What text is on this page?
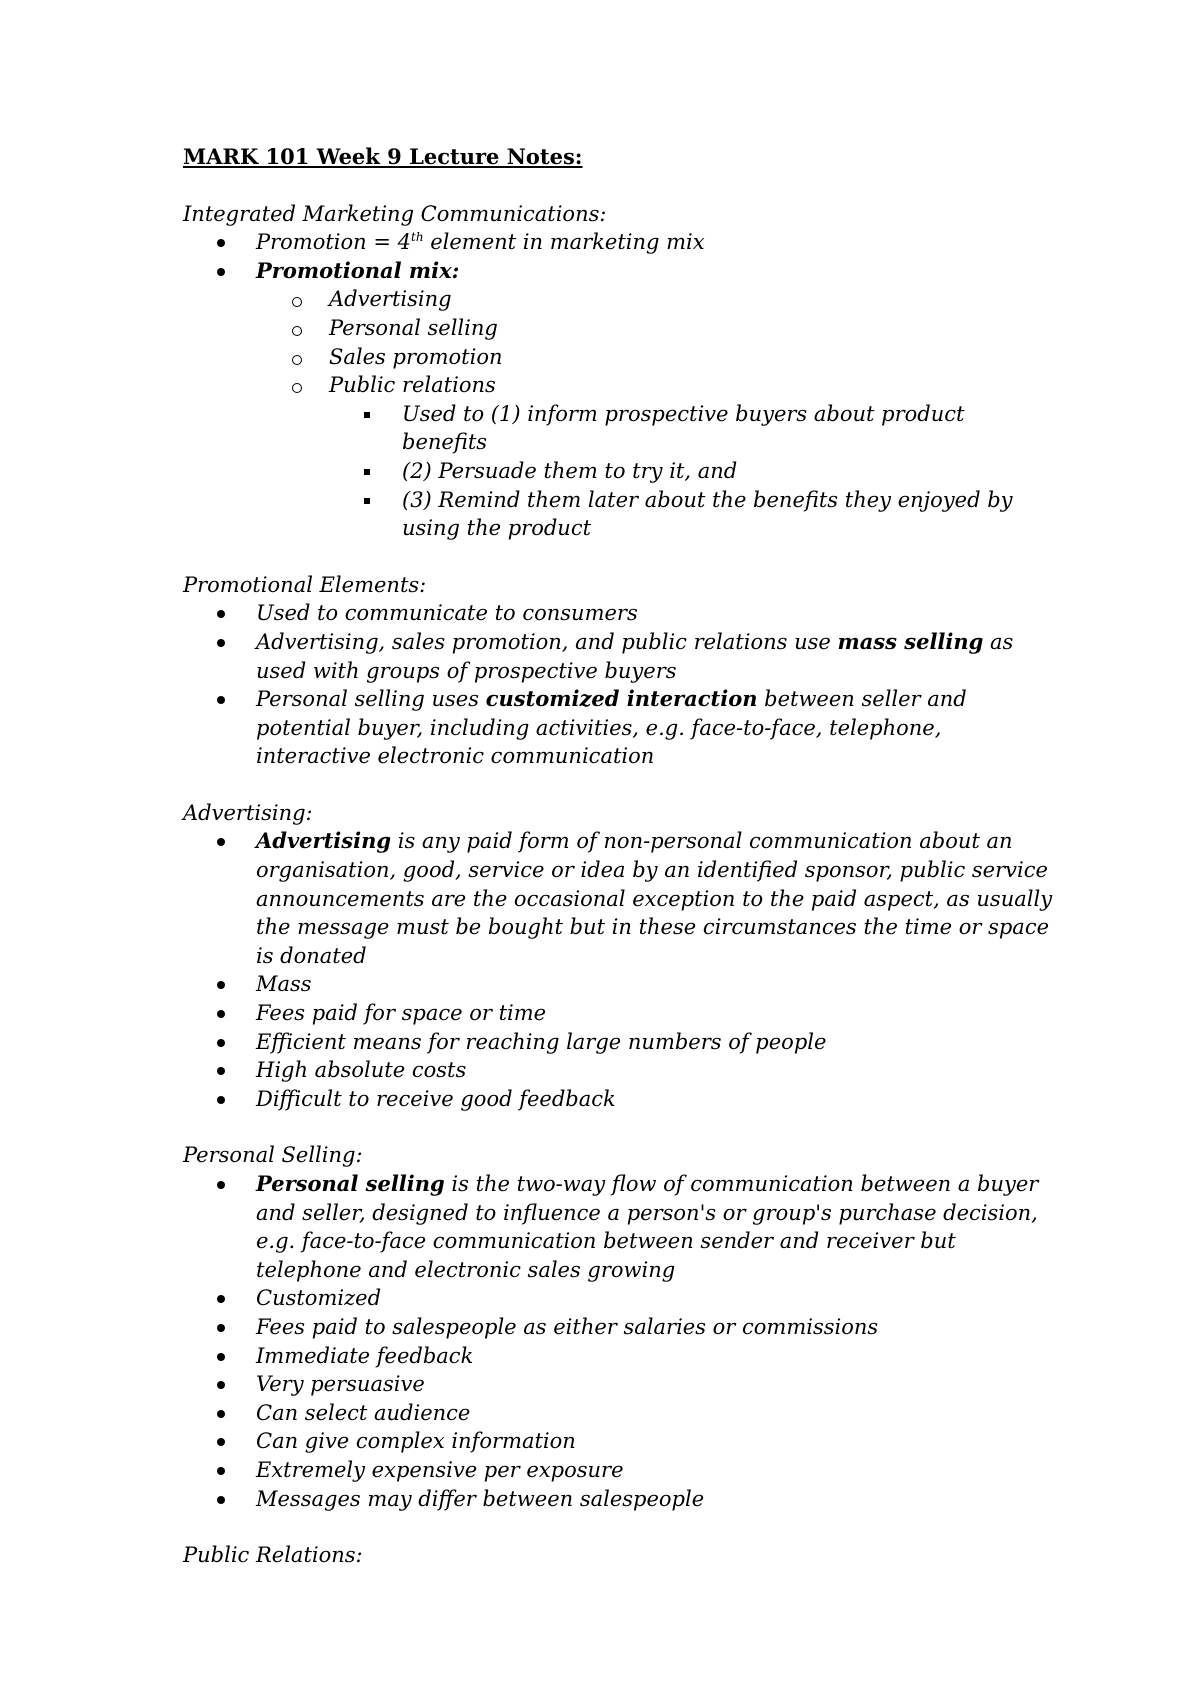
MARK 101 Week 9 Lecture Notes:
Integrated Marketing Communications:
Promotion = 4th element in marketing mix
Promotional mix:
Advertising
Personal selling
Sales promotion
Public relations
Used to (1) inform prospective buyers about product benefits
(2) Persuade them to try it, and
(3) Remind them later about the benefits they enjoyed by using the product
Promotional Elements:
Used to communicate to consumers
Advertising, sales promotion, and public relations use mass selling as used with groups of prospective buyers
Personal selling uses customized interaction between seller and potential buyer, including activities, e.g. face-to-face, telephone, interactive electronic communication
Advertising:
Advertising is any paid form of non-personal communication about an organisation, good, service or idea by an identified sponsor, public service announcements are the occasional exception to the paid aspect, as usually the message must be bought but in these circumstances the time or space is donated
Mass
Fees paid for space or time
Efficient means for reaching large numbers of people
High absolute costs
Difficult to receive good feedback
Personal Selling:
Personal selling is the two-way flow of communication between a buyer and seller, designed to influence a person's or group's purchase decision, e.g. face-to-face communication between sender and receiver but telephone and electronic sales growing
Customized
Fees paid to salespeople as either salaries or commissions
Immediate feedback
Very persuasive
Can select audience
Can give complex information
Extremely expensive per exposure
Messages may differ between salespeople
Public Relations:
